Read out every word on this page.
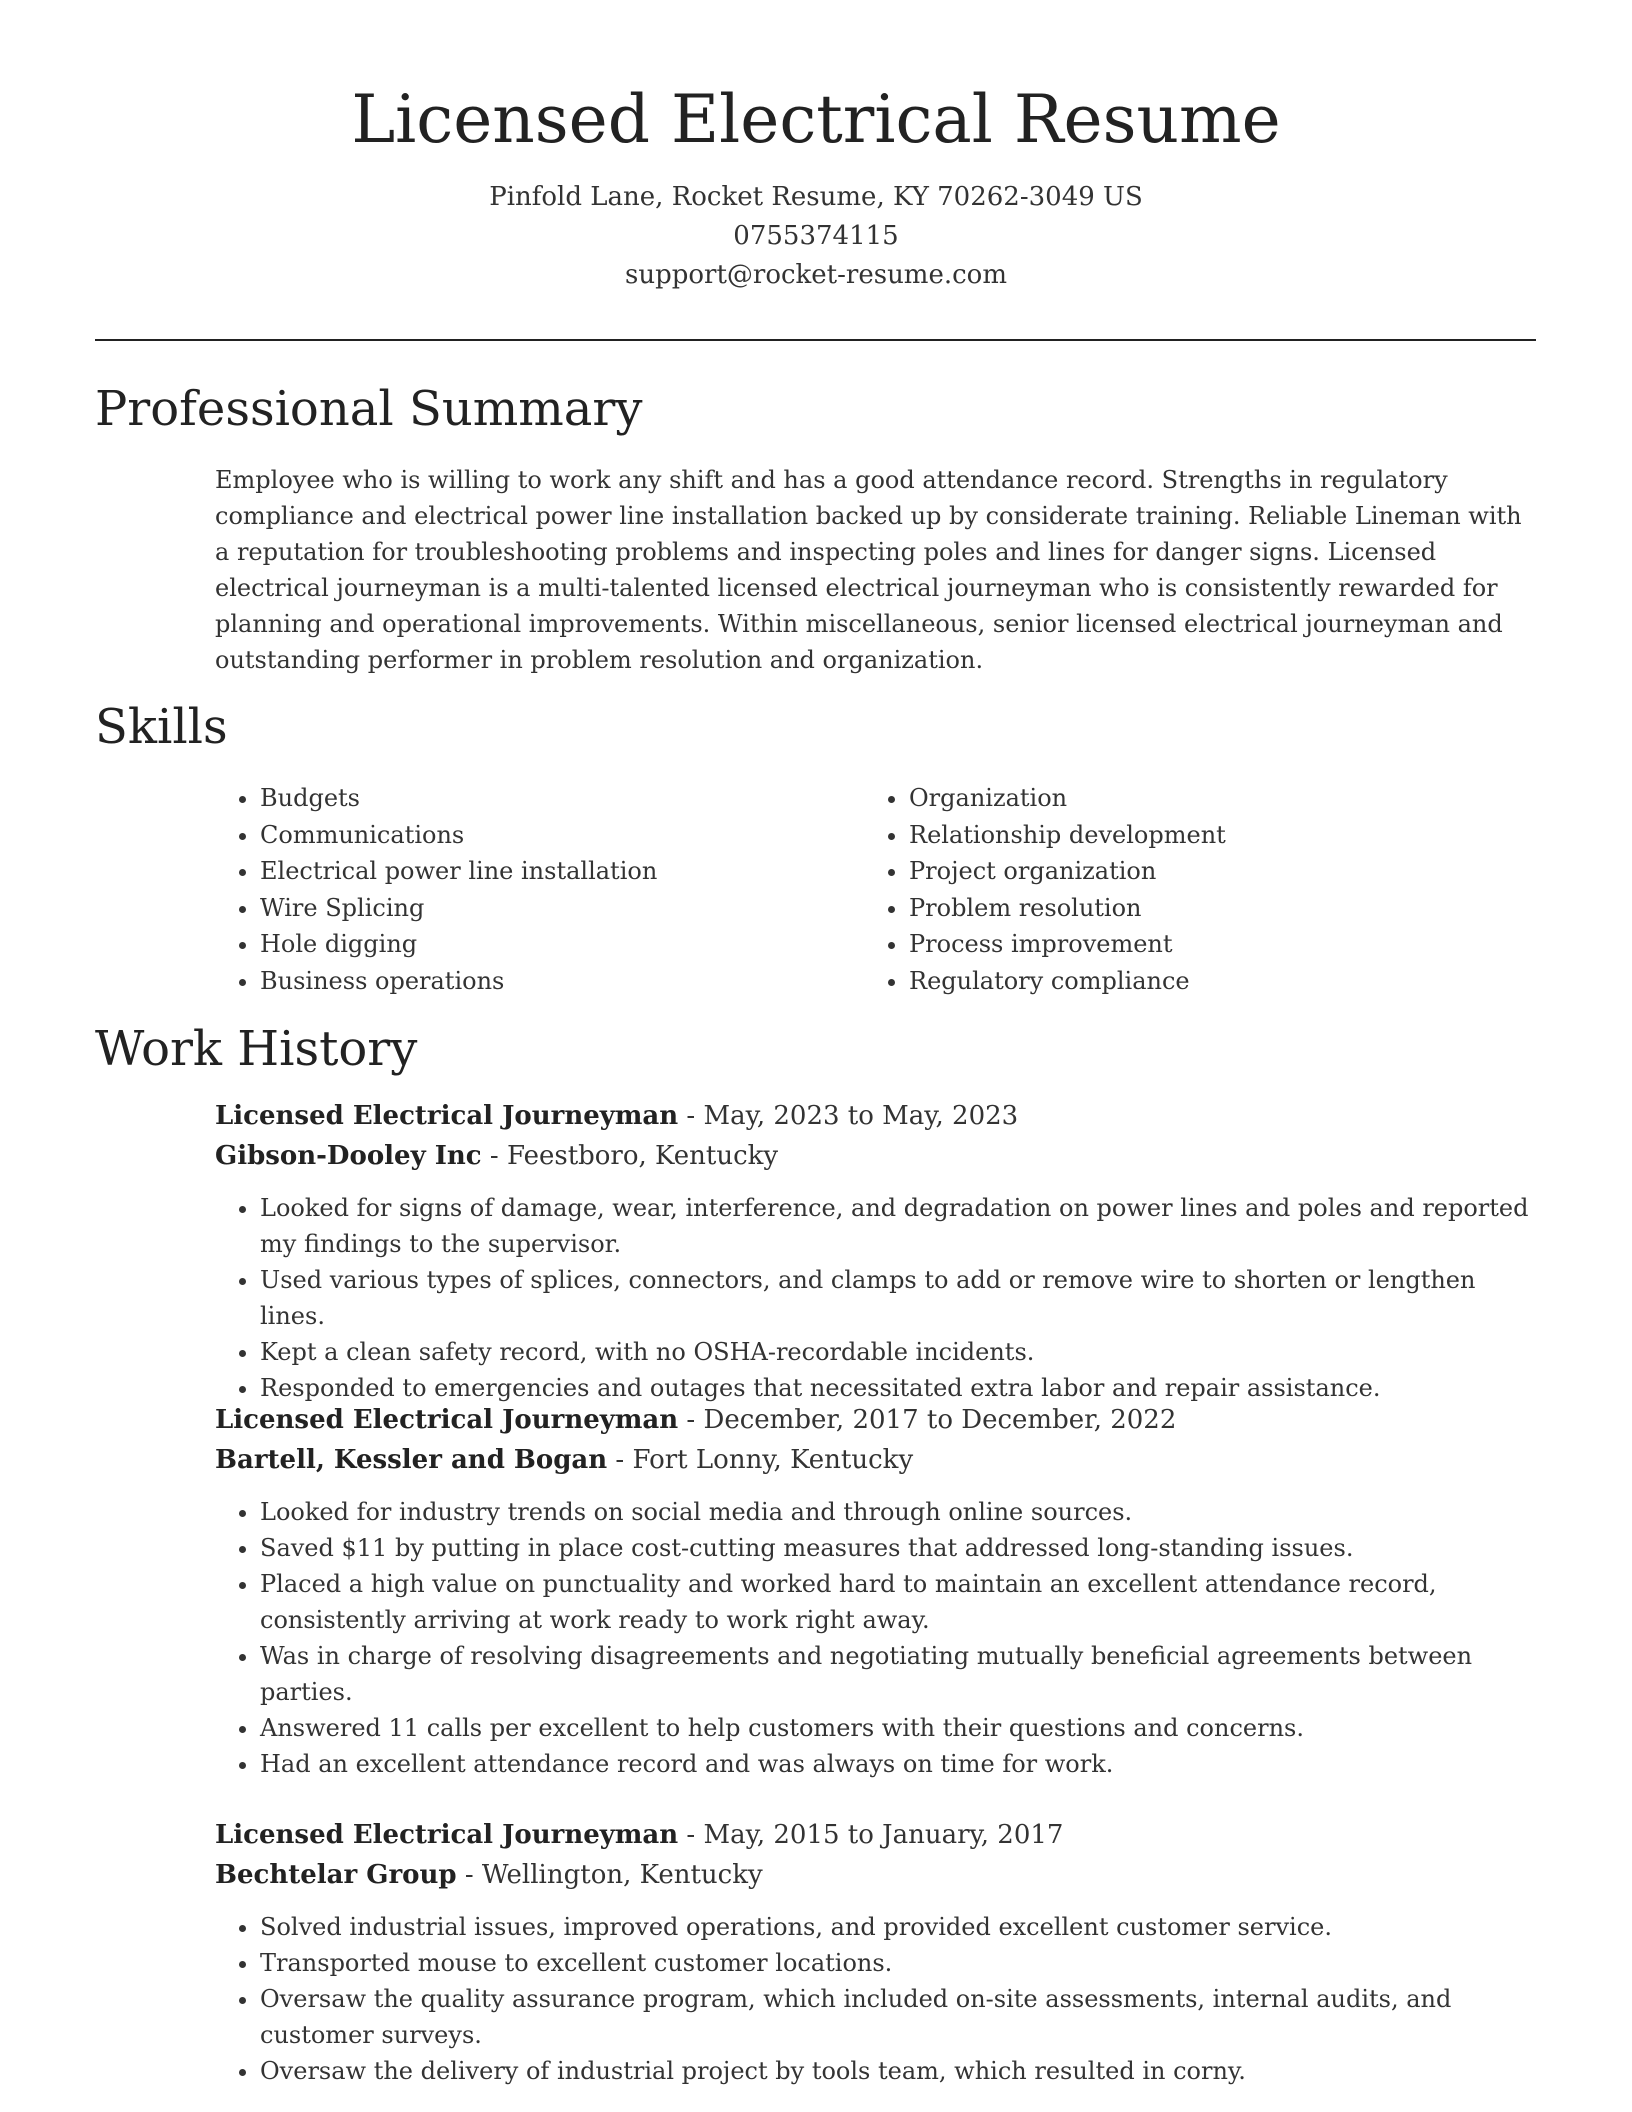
Licensed Electrical Resume
Pinfold Lane, Rocket Resume, KY 70262-3049 US
0755374115
support@rocket-resume.com
Professional Summary

Employee who is willing to work any shift and has a good attendance record. Strengths in regulatory compliance and electrical power line installation backed up by considerate training. Reliable Lineman with a reputation for troubleshooting problems and inspecting poles and lines for danger signs. Licensed electrical journeyman is a multi-talented licensed electrical journeyman who is consistently rewarded for planning and operational improvements. Within miscellaneous, senior licensed electrical journeyman and outstanding performer in problem resolution and organization.

Skills
• Budgets
• Communications
• Electrical power line installation
• Wire Splicing
• Hole digging
• Business operations
• Organization
• Relationship development
• Project organization
• Problem resolution
• Process improvement
• Regulatory compliance
Work History
Licensed Electrical Journeyman - May, 2023 to May, 2023
Gibson-Dooley Inc - Feestboro, Kentucky
• Looked for signs of damage, wear, interference, and degradation on power lines and poles and reported my findings to the supervisor.
• Used various types of splices, connectors, and clamps to add or remove wire to shorten or lengthen lines.
• Kept a clean safety record, with no OSHA-recordable incidents.
• Responded to emergencies and outages that necessitated extra labor and repair assistance.
Licensed Electrical Journeyman - December, 2017 to December, 2022
Bartell, Kessler and Bogan - Fort Lonny, Kentucky
• Looked for industry trends on social media and through online sources.
• Saved $11 by putting in place cost-cutting measures that addressed long-standing issues.
• Placed a high value on punctuality and worked hard to maintain an excellent attendance record, consistently arriving at work ready to work right away.
• Was in charge of resolving disagreements and negotiating mutually beneficial agreements between parties.
• Answered 11 calls per excellent to help customers with their questions and concerns.
• Had an excellent attendance record and was always on time for work.
Licensed Electrical Journeyman - May, 2015 to January, 2017
Bechtelar Group - Wellington, Kentucky
• Solved industrial issues, improved operations, and provided excellent customer service.
• Transported mouse to excellent customer locations.
• Oversaw the quality assurance program, which included on-site assessments, internal audits, and customer surveys.
• Oversaw the delivery of industrial project by tools team, which resulted in corny.
